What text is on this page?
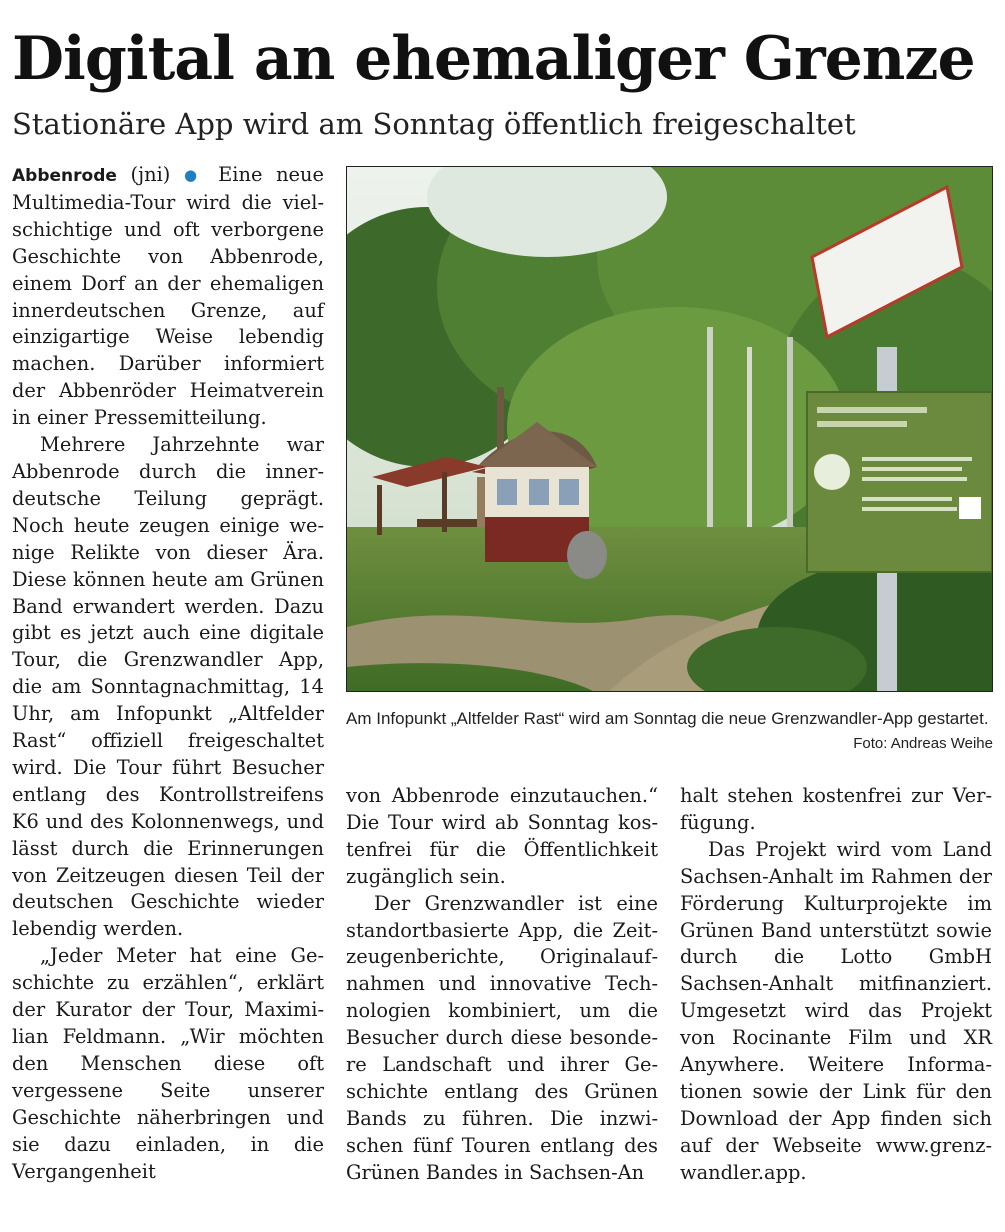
Digital an ehemaliger Grenze
Stationäre App wird am Sonntag öffentlich freigeschaltet

Abbenrode (jni) ● Eine neue Multimedia-Tour wird die vielschichtige und oft verborgene Geschichte von Abbenrode, einem Dorf an der ehemaligen innerdeutschen Grenze, auf einzigartige Weise lebendig machen. Darüber informiert der Abbenröder Heimatverein in einer Pressemitteilung.

Mehrere Jahrzehnte war Abbenrode durch die innerdeutsche Teilung geprägt. Noch heute zeugen einige wenige Relikte von dieser Ära. Diese können heute am Grünen Band erwandert werden. Dazu gibt es jetzt auch eine digitale Tour, die Grenzwandler App, die am Sonntagnachmittag, 14 Uhr, am Infopunkt „Altfelder Rast“ offiziell freigeschaltet wird. Die Tour führt Besucher entlang des Kontrollstreifens K6 und des Kolonnenwegs, und lässt durch die Erinnerungen von Zeitzeugen diesen Teil der deutschen Geschichte wieder lebendig werden.

„Jeder Meter hat eine Geschichte zu erzählen“, erklärt der Kurator der Tour, Maximilian Feldmann. „Wir möchten den Menschen diese oft vergessene Seite unserer Geschichte näherbringen und sie dazu einladen, in die Vergangenheit

Am Infopunkt „Altfelder Rast“ wird am Sonntag die neue Grenzwandler-App gestartet.
Foto: Andreas Weihe

von Abbenrode einzutauchen.“ Die Tour wird ab Sonntag kostenfrei für die Öffentlichkeit zugänglich sein.

Der Grenzwandler ist eine standortbasierte App, die Zeitzeugenberichte, Originalaufnahmen und innovative Technologien kombiniert, um die Besucher durch diese besondere Landschaft und ihrer Geschichte entlang des Grünen Bands zu führen. Die inzwischen fünf Touren entlang des Grünen Bandes in Sachsen-An

halt stehen kostenfrei zur Verfügung.

Das Projekt wird vom Land Sachsen-Anhalt im Rahmen der Förderung Kulturprojekte im Grünen Band unterstützt sowie durch die Lotto GmbH Sachsen-Anhalt mitfinanziert. Umgesetzt wird das Projekt von Rocinante Film und XR Anywhere. Weitere Informationen sowie der Link für den Download der App finden sich auf der Webseite www.grenzwandler.app.
